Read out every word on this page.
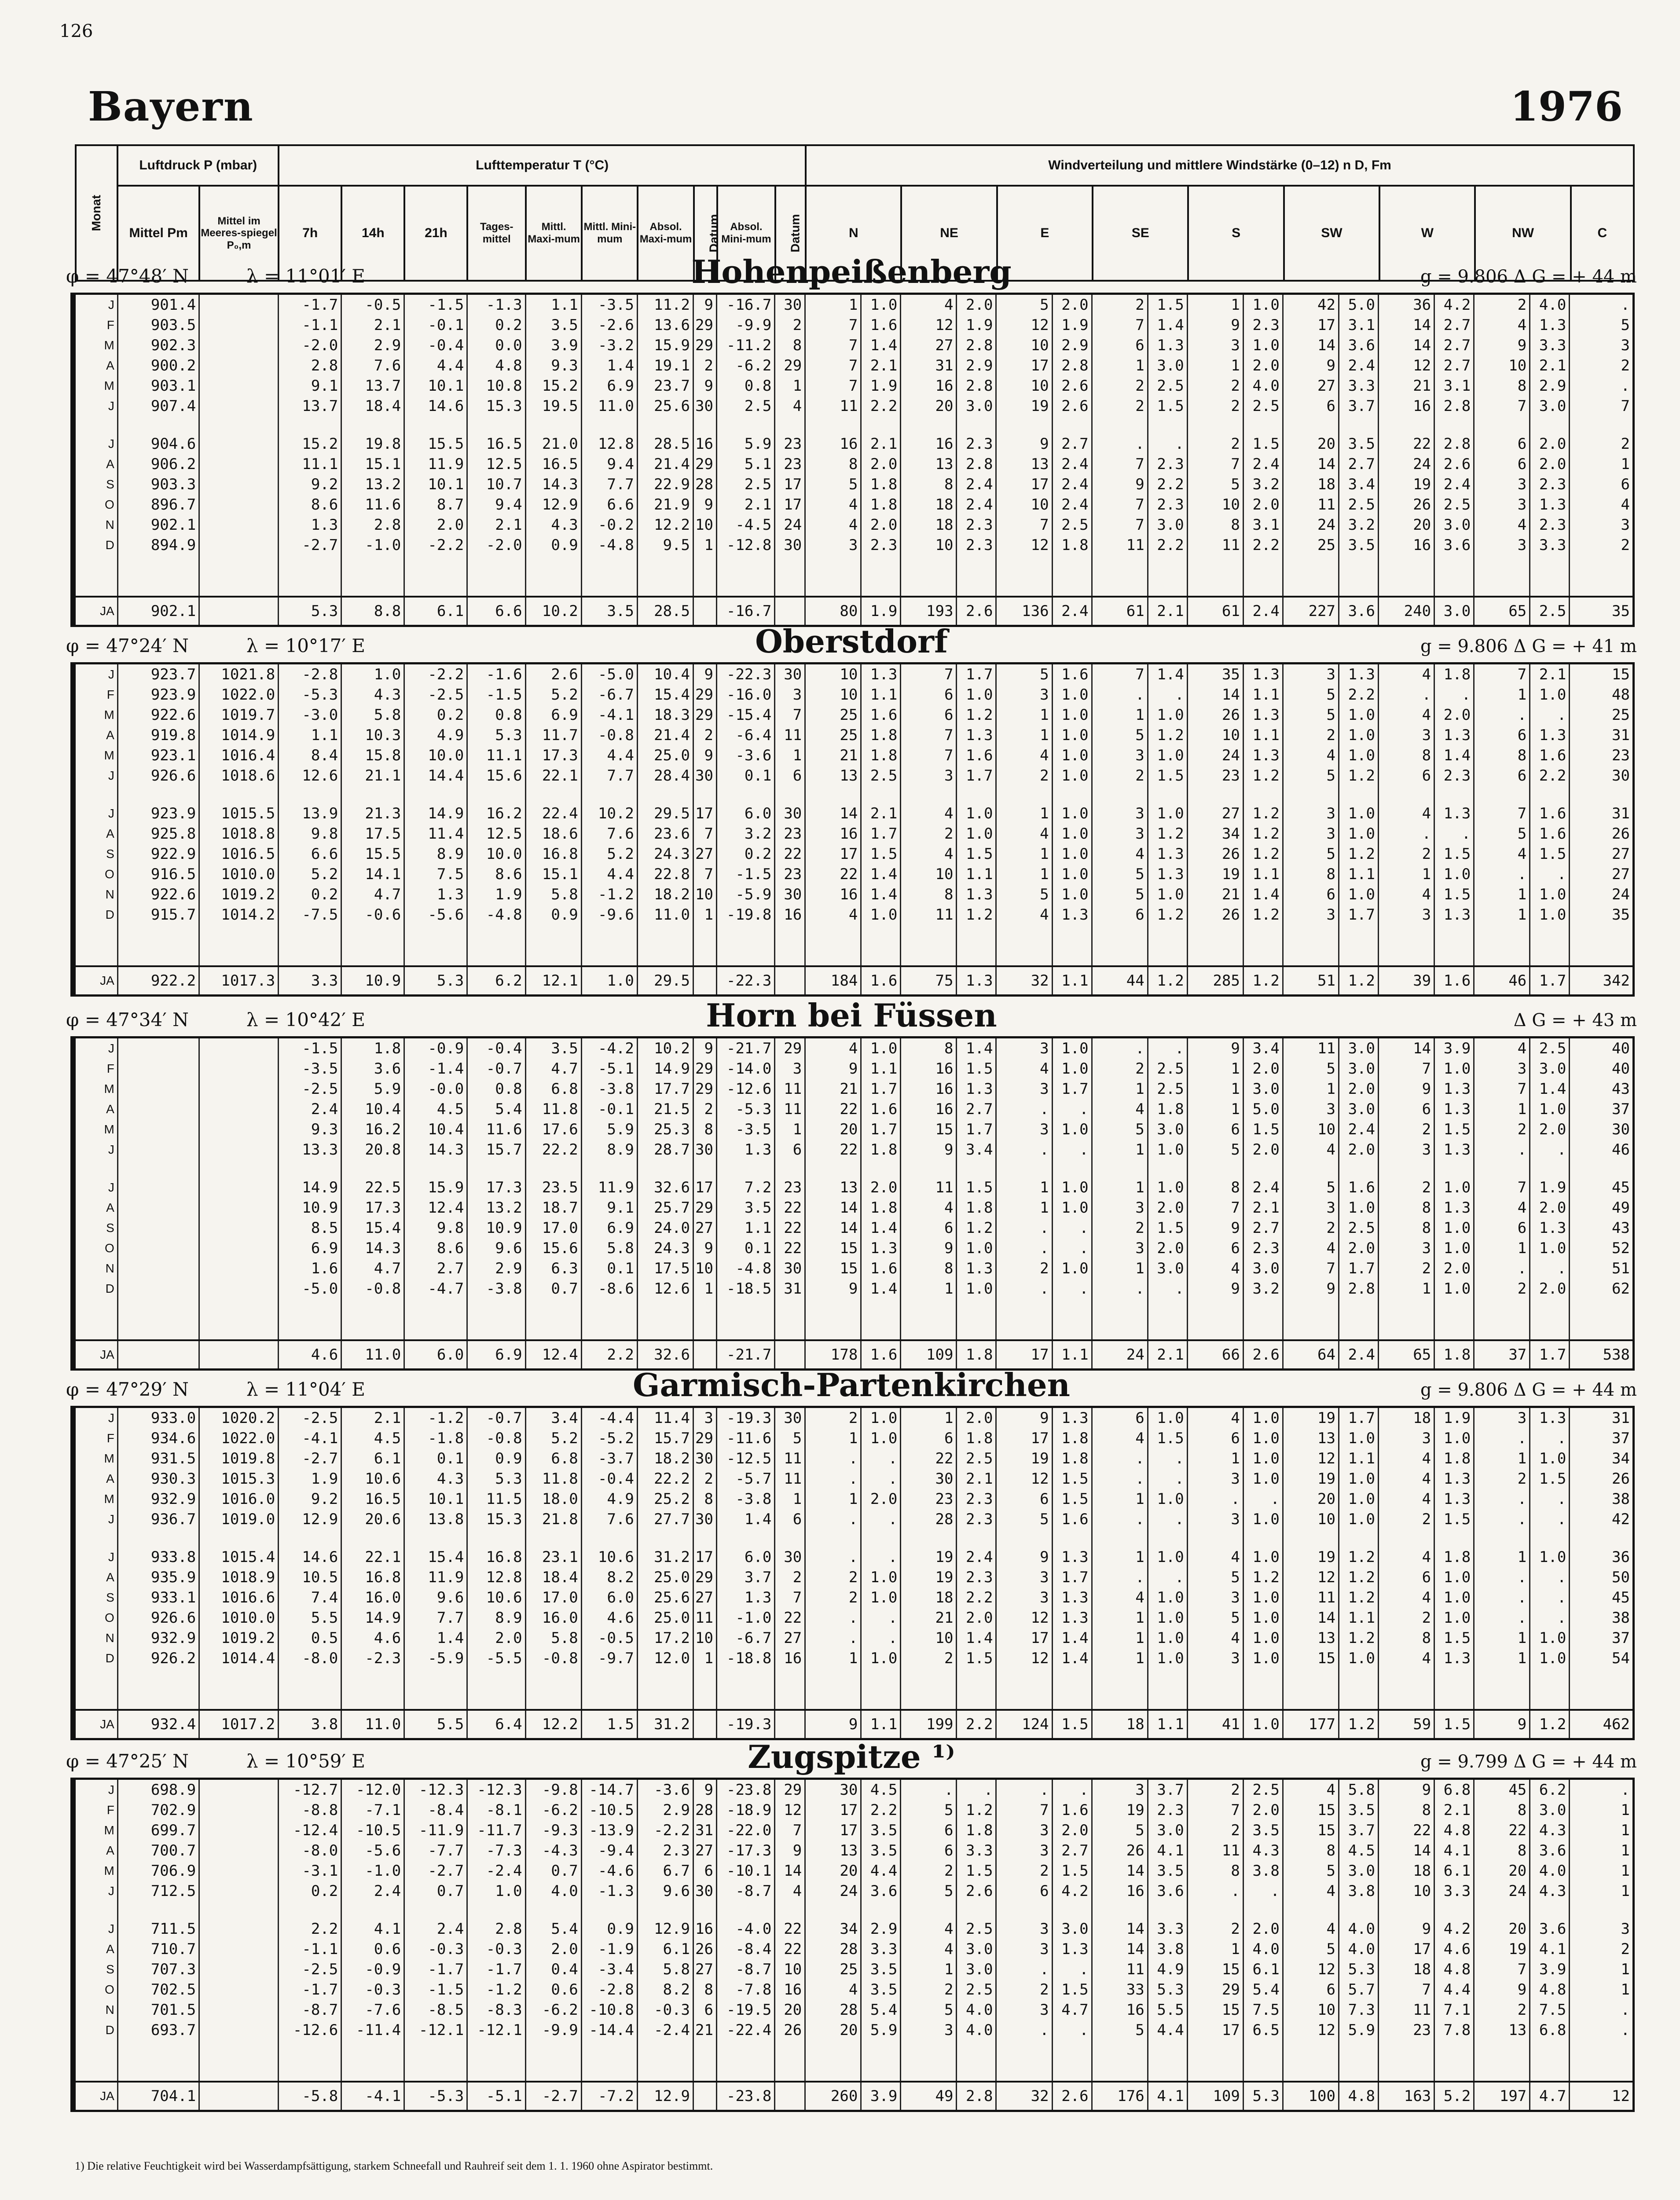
126
Bayern	1976
Monat	Luftdruck P (mbar)		Lufttemperatur T (°C)										Windverteilung und mittlere Windstärke (0–12) n D, Fm								
	Mittel Pm	Mittel im Meeres-spiegel P₀,m	7h	14h	21h	Tages-mittel	Mittl. Maxi-mum	Mittl. Mini-mum	Absol. Maxi-mum	Datum	Absol. Mini-mum	Datum	N	NE	E	SE	S	SW	W	NW	C
φ = 47°48′ N	λ = 11°01′ E	Hohenpeißenberg	g = 9.806 Δ G = + 44 m
J	901.4		-1.7	-0.5	-1.5	-1.3	1.1	-3.5	11.2	9	-16.7	30	1	1.0	4	2.0	5	2.0	2	1.5	1	1.0	42	5.0	36	4.2	2	4.0	.
F	903.5		-1.1	2.1	-0.1	0.2	3.5	-2.6	13.6	29	-9.9	2	7	1.6	12	1.9	12	1.9	7	1.4	9	2.3	17	3.1	14	2.7	4	1.3	5
M	902.3		-2.0	2.9	-0.4	0.0	3.9	-3.2	15.9	29	-11.2	8	7	1.4	27	2.8	10	2.9	6	1.3	3	1.0	14	3.6	14	2.7	9	3.3	3
A	900.2		2.8	7.6	4.4	4.8	9.3	1.4	19.1	2	-6.2	29	7	2.1	31	2.9	17	2.8	1	3.0	1	2.0	9	2.4	12	2.7	10	2.1	2
M	903.1		9.1	13.7	10.1	10.8	15.2	6.9	23.7	9	0.8	1	7	1.9	16	2.8	10	2.6	2	2.5	2	4.0	27	3.3	21	3.1	8	2.9	.
J	907.4		13.7	18.4	14.6	15.3	19.5	11.0	25.6	30	2.5	4	11	2.2	20	3.0	19	2.6	2	1.5	2	2.5	6	3.7	16	2.8	7	3.0	7

J	904.6		15.2	19.8	15.5	16.5	21.0	12.8	28.5	16	5.9	23	16	2.1	16	2.3	9	2.7	.	.	2	1.5	20	3.5	22	2.8	6	2.0	2
A	906.2		11.1	15.1	11.9	12.5	16.5	9.4	21.4	29	5.1	23	8	2.0	13	2.8	13	2.4	7	2.3	7	2.4	14	2.7	24	2.6	6	2.0	1
S	903.3		9.2	13.2	10.1	10.7	14.3	7.7	22.9	28	2.5	17	5	1.8	8	2.4	17	2.4	9	2.2	5	3.2	18	3.4	19	2.4	3	2.3	6
O	896.7		8.6	11.6	8.7	9.4	12.9	6.6	21.9	9	2.1	17	4	1.8	18	2.4	10	2.4	7	2.3	10	2.0	11	2.5	26	2.5	3	1.3	4
N	902.1		1.3	2.8	2.0	2.1	4.3	-0.2	12.2	10	-4.5	24	4	2.0	18	2.3	7	2.5	7	3.0	8	3.1	24	3.2	20	3.0	4	2.3	3
D	894.9		-2.7	-1.0	-2.2	-2.0	0.9	-4.8	9.5	1	-12.8	30	3	2.3	10	2.3	12	1.8	11	2.2	11	2.2	25	3.5	16	3.6	3	3.3	2

JA	902.1		5.3	8.8	6.1	6.6	10.2	3.5	28.5		-16.7		80	1.9	193	2.6	136	2.4	61	2.1	61	2.4	227	3.6	240	3.0	65	2.5	35
φ = 47°24′ N	λ = 10°17′ E	Oberstdorf	g = 9.806 Δ G = + 41 m
J	923.7	1021.8	-2.8	1.0	-2.2	-1.6	2.6	-5.0	10.4	9	-22.3	30	10	1.3	7	1.7	5	1.6	7	1.4	35	1.3	3	1.3	4	1.8	7	2.1	15
F	923.9	1022.0	-5.3	4.3	-2.5	-1.5	5.2	-6.7	15.4	29	-16.0	3	10	1.1	6	1.0	3	1.0	.	.	14	1.1	5	2.2	.	.	1	1.0	48
M	922.6	1019.7	-3.0	5.8	0.2	0.8	6.9	-4.1	18.3	29	-15.4	7	25	1.6	6	1.2	1	1.0	1	1.0	26	1.3	5	1.0	4	2.0	.	.	25
A	919.8	1014.9	1.1	10.3	4.9	5.3	11.7	-0.8	21.4	2	-6.4	11	25	1.8	7	1.3	1	1.0	5	1.2	10	1.1	2	1.0	3	1.3	6	1.3	31
M	923.1	1016.4	8.4	15.8	10.0	11.1	17.3	4.4	25.0	9	-3.6	1	21	1.8	7	1.6	4	1.0	3	1.0	24	1.3	4	1.0	8	1.4	8	1.6	23
J	926.6	1018.6	12.6	21.1	14.4	15.6	22.1	7.7	28.4	30	0.1	6	13	2.5	3	1.7	2	1.0	2	1.5	23	1.2	5	1.2	6	2.3	6	2.2	30

J	923.9	1015.5	13.9	21.3	14.9	16.2	22.4	10.2	29.5	17	6.0	30	14	2.1	4	1.0	1	1.0	3	1.0	27	1.2	3	1.0	4	1.3	7	1.6	31
A	925.8	1018.8	9.8	17.5	11.4	12.5	18.6	7.6	23.6	7	3.2	23	16	1.7	2	1.0	4	1.0	3	1.2	34	1.2	3	1.0	.	.	5	1.6	26
S	922.9	1016.5	6.6	15.5	8.9	10.0	16.8	5.2	24.3	27	0.2	22	17	1.5	4	1.5	1	1.0	4	1.3	26	1.2	5	1.2	2	1.5	4	1.5	27
O	916.5	1010.0	5.2	14.1	7.5	8.6	15.1	4.4	22.8	7	-1.5	23	22	1.4	10	1.1	1	1.0	5	1.3	19	1.1	8	1.1	1	1.0	.	.	27
N	922.6	1019.2	0.2	4.7	1.3	1.9	5.8	-1.2	18.2	10	-5.9	30	16	1.4	8	1.3	5	1.0	5	1.0	21	1.4	6	1.0	4	1.5	1	1.0	24
D	915.7	1014.2	-7.5	-0.6	-5.6	-4.8	0.9	-9.6	11.0	1	-19.8	16	4	1.0	11	1.2	4	1.3	6	1.2	26	1.2	3	1.7	3	1.3	1	1.0	35

JA	922.2	1017.3	3.3	10.9	5.3	6.2	12.1	1.0	29.5		-22.3		184	1.6	75	1.3	32	1.1	44	1.2	285	1.2	51	1.2	39	1.6	46	1.7	342
φ = 47°34′ N	λ = 10°42′ E	Horn bei Füssen	Δ G = + 43 m
J			-1.5	1.8	-0.9	-0.4	3.5	-4.2	10.2	9	-21.7	29	4	1.0	8	1.4	3	1.0	.	.	9	3.4	11	3.0	14	3.9	4	2.5	40
F			-3.5	3.6	-1.4	-0.7	4.7	-5.1	14.9	29	-14.0	3	9	1.1	16	1.5	4	1.0	2	2.5	1	2.0	5	3.0	7	1.0	3	3.0	40
M			-2.5	5.9	-0.0	0.8	6.8	-3.8	17.7	29	-12.6	11	21	1.7	16	1.3	3	1.7	1	2.5	1	3.0	1	2.0	9	1.3	7	1.4	43
A			2.4	10.4	4.5	5.4	11.8	-0.1	21.5	2	-5.3	11	22	1.6	16	2.7	.	.	4	1.8	1	5.0	3	3.0	6	1.3	1	1.0	37
M			9.3	16.2	10.4	11.6	17.6	5.9	25.3	8	-3.5	1	20	1.7	15	1.7	3	1.0	5	3.0	6	1.5	10	2.4	2	1.5	2	2.0	30
J			13.3	20.8	14.3	15.7	22.2	8.9	28.7	30	1.3	6	22	1.8	9	3.4	.	.	1	1.0	5	2.0	4	2.0	3	1.3	.	.	46

J			14.9	22.5	15.9	17.3	23.5	11.9	32.6	17	7.2	23	13	2.0	11	1.5	1	1.0	1	1.0	8	2.4	5	1.6	2	1.0	7	1.9	45
A			10.9	17.3	12.4	13.2	18.7	9.1	25.7	29	3.5	22	14	1.8	4	1.8	1	1.0	3	2.0	7	2.1	3	1.0	8	1.3	4	2.0	49
S			8.5	15.4	9.8	10.9	17.0	6.9	24.0	27	1.1	22	14	1.4	6	1.2	.	.	2	1.5	9	2.7	2	2.5	8	1.0	6	1.3	43
O			6.9	14.3	8.6	9.6	15.6	5.8	24.3	9	0.1	22	15	1.3	9	1.0	.	.	3	2.0	6	2.3	4	2.0	3	1.0	1	1.0	52
N			1.6	4.7	2.7	2.9	6.3	0.1	17.5	10	-4.8	30	15	1.6	8	1.3	2	1.0	1	3.0	4	3.0	7	1.7	2	2.0	.	.	51
D			-5.0	-0.8	-4.7	-3.8	0.7	-8.6	12.6	1	-18.5	31	9	1.4	1	1.0	.	.	.	.	9	3.2	9	2.8	1	1.0	2	2.0	62

JA			4.6	11.0	6.0	6.9	12.4	2.2	32.6		-21.7		178	1.6	109	1.8	17	1.1	24	2.1	66	2.6	64	2.4	65	1.8	37	1.7	538
φ = 47°29′ N	λ = 11°04′ E	Garmisch-Partenkirchen	g = 9.806 Δ G = + 44 m
J	933.0	1020.2	-2.5	2.1	-1.2	-0.7	3.4	-4.4	11.4	3	-19.3	30	2	1.0	1	2.0	9	1.3	6	1.0	4	1.0	19	1.7	18	1.9	3	1.3	31
F	934.6	1022.0	-4.1	4.5	-1.8	-0.8	5.2	-5.2	15.7	29	-11.6	5	1	1.0	6	1.8	17	1.8	4	1.5	6	1.0	13	1.0	3	1.0	.	.	37
M	931.5	1019.8	-2.7	6.1	0.1	0.9	6.8	-3.7	18.2	30	-12.5	11	.	.	22	2.5	19	1.8	.	.	1	1.0	12	1.1	4	1.8	1	1.0	34
A	930.3	1015.3	1.9	10.6	4.3	5.3	11.8	-0.4	22.2	2	-5.7	11	.	.	30	2.1	12	1.5	.	.	3	1.0	19	1.0	4	1.3	2	1.5	26
M	932.9	1016.0	9.2	16.5	10.1	11.5	18.0	4.9	25.2	8	-3.8	1	1	2.0	23	2.3	6	1.5	1	1.0	.	.	20	1.0	4	1.3	.	.	38
J	936.7	1019.0	12.9	20.6	13.8	15.3	21.8	7.6	27.7	30	1.4	6	.	.	28	2.3	5	1.6	.	.	3	1.0	10	1.0	2	1.5	.	.	42

J	933.8	1015.4	14.6	22.1	15.4	16.8	23.1	10.6	31.2	17	6.0	30	.	.	19	2.4	9	1.3	1	1.0	4	1.0	19	1.2	4	1.8	1	1.0	36
A	935.9	1018.9	10.5	16.8	11.9	12.8	18.4	8.2	25.0	29	3.7	2	2	1.0	19	2.3	3	1.7	.	.	5	1.2	12	1.2	6	1.0	.	.	50
S	933.1	1016.6	7.4	16.0	9.6	10.6	17.0	6.0	25.6	27	1.3	7	2	1.0	18	2.2	3	1.3	4	1.0	3	1.0	11	1.2	4	1.0	.	.	45
O	926.6	1010.0	5.5	14.9	7.7	8.9	16.0	4.6	25.0	11	-1.0	22	.	.	21	2.0	12	1.3	1	1.0	5	1.0	14	1.1	2	1.0	.	.	38
N	932.9	1019.2	0.5	4.6	1.4	2.0	5.8	-0.5	17.2	10	-6.7	27	.	.	10	1.4	17	1.4	1	1.0	4	1.0	13	1.2	8	1.5	1	1.0	37
D	926.2	1014.4	-8.0	-2.3	-5.9	-5.5	-0.8	-9.7	12.0	1	-18.8	16	1	1.0	2	1.5	12	1.4	1	1.0	3	1.0	15	1.0	4	1.3	1	1.0	54

JA	932.4	1017.2	3.8	11.0	5.5	6.4	12.2	1.5	31.2		-19.3		9	1.1	199	2.2	124	1.5	18	1.1	41	1.0	177	1.2	59	1.5	9	1.2	462
φ = 47°25′ N	λ = 10°59′ E	Zugspitze ¹⁾	g = 9.799 Δ G = + 44 m
J	698.9		-12.7	-12.0	-12.3	-12.3	-9.8	-14.7	-3.6	9	-23.8	29	30	4.5	.	.	.	.	3	3.7	2	2.5	4	5.8	9	6.8	45	6.2	.
F	702.9		-8.8	-7.1	-8.4	-8.1	-6.2	-10.5	2.9	28	-18.9	12	17	2.2	5	1.2	7	1.6	19	2.3	7	2.0	15	3.5	8	2.1	8	3.0	1
M	699.7		-12.4	-10.5	-11.9	-11.7	-9.3	-13.9	-2.2	31	-22.0	7	17	3.5	6	1.8	3	2.0	5	3.0	2	3.5	15	3.7	22	4.8	22	4.3	1
A	700.7		-8.0	-5.6	-7.7	-7.3	-4.3	-9.4	2.3	27	-17.3	9	13	3.5	6	3.3	3	2.7	26	4.1	11	4.3	8	4.5	14	4.1	8	3.6	1
M	706.9		-3.1	-1.0	-2.7	-2.4	0.7	-4.6	6.7	6	-10.1	14	20	4.4	2	1.5	2	1.5	14	3.5	8	3.8	5	3.0	18	6.1	20	4.0	1
J	712.5		0.2	2.4	0.7	1.0	4.0	-1.3	9.6	30	-8.7	4	24	3.6	5	2.6	6	4.2	16	3.6	.	.	4	3.8	10	3.3	24	4.3	1

J	711.5		2.2	4.1	2.4	2.8	5.4	0.9	12.9	16	-4.0	22	34	2.9	4	2.5	3	3.0	14	3.3	2	2.0	4	4.0	9	4.2	20	3.6	3
A	710.7		-1.1	0.6	-0.3	-0.3	2.0	-1.9	6.1	26	-8.4	22	28	3.3	4	3.0	3	1.3	14	3.8	1	4.0	5	4.0	17	4.6	19	4.1	2
S	707.3		-2.5	-0.9	-1.7	-1.7	0.4	-3.4	5.8	27	-8.7	10	25	3.5	1	3.0	.	.	11	4.9	15	6.1	12	5.3	18	4.8	7	3.9	1
O	702.5		-1.7	-0.3	-1.5	-1.2	0.6	-2.8	8.2	8	-7.8	16	4	3.5	2	2.5	2	1.5	33	5.3	29	5.4	6	5.7	7	4.4	9	4.8	1
N	701.5		-8.7	-7.6	-8.5	-8.3	-6.2	-10.8	-0.3	6	-19.5	20	28	5.4	5	4.0	3	4.7	16	5.5	15	7.5	10	7.3	11	7.1	2	7.5	.
D	693.7		-12.6	-11.4	-12.1	-12.1	-9.9	-14.4	-2.4	21	-22.4	26	20	5.9	3	4.0	.	.	5	4.4	17	6.5	12	5.9	23	7.8	13	6.8	.

JA	704.1		-5.8	-4.1	-5.3	-5.1	-2.7	-7.2	12.9		-23.8		260	3.9	49	2.8	32	2.6	176	4.1	109	5.3	100	4.8	163	5.2	197	4.7	12
1) Die relative Feuchtigkeit wird bei Wasserdampfsättigung, starkem Schneefall und Rauhreif seit dem 1. 1. 1960 ohne Aspirator bestimmt.
